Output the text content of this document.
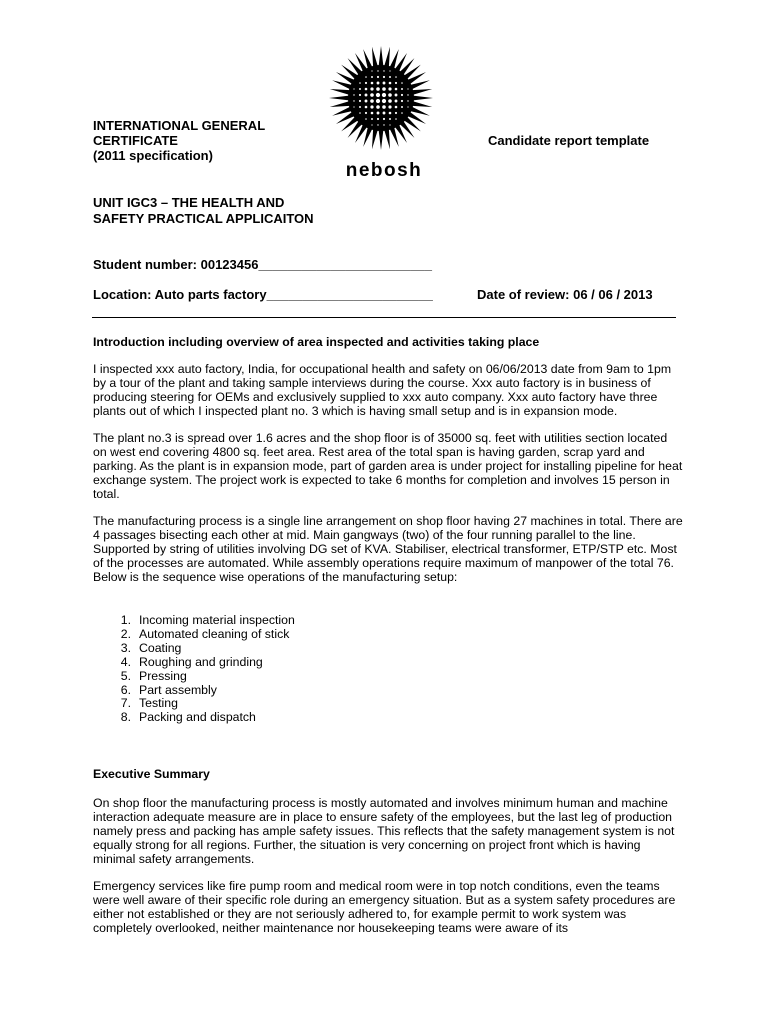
INTERNATIONAL GENERAL
CERTIFICATE
(2011 specification)
nebosh
Candidate report template
UNIT IGC3 – THE HEALTH AND
SAFETY PRACTICAL APPLICAITON
Student number: 00123456________________________
Location: Auto parts factory_______________________	Date of review: 06 / 06 / 2013
Introduction including overview of area inspected and activities taking place

I inspected xxx auto factory, India, for occupational health and safety on 06/06/2013 date from 9am to 1pm by a tour of the plant and taking sample interviews during the course. Xxx auto factory is in business of producing steering for OEMs and exclusively supplied to xxx auto company. Xxx auto factory have three plants out of which I inspected plant no. 3 which is having small setup and is in expansion mode.

The plant no.3 is spread over 1.6 acres and the shop floor is of 35000 sq. feet with utilities section located on west end covering 4800 sq. feet area. Rest area of the total span is having garden, scrap yard and parking. As the plant is in expansion mode, part of garden area is under project for installing pipeline for heat exchange system. The project work is expected to take 6 months for completion and involves 15 person in total.

The manufacturing process is a single line arrangement on shop floor having 27 machines in total. There are 4 passages bisecting each other at mid. Main gangways (two) of the four running parallel to the line. Supported by string of utilities involving DG set of KVA. Stabiliser, electrical transformer, ETP/STP etc. Most of the processes are automated. While assembly operations require maximum of manpower of the total 76. Below is the sequence wise operations of the manufacturing setup:

1. Incoming material inspection
2. Automated cleaning of stick
3. Coating
4. Roughing and grinding
5. Pressing
6. Part assembly
7. Testing
8. Packing and dispatch
Executive Summary

On shop floor the manufacturing process is mostly automated and involves minimum human and machine interaction adequate measure are in place to ensure safety of the employees, but the last leg of production namely press and packing has ample safety issues. This reflects that the safety management system is not equally strong for all regions. Further, the situation is very concerning on project front which is having minimal safety arrangements.

Emergency services like fire pump room and medical room were in top notch conditions, even the teams were well aware of their specific role during an emergency situation. But as a system safety procedures are either not established or they are not seriously adhered to, for example permit to work system was completely overlooked, neither maintenance nor housekeeping teams were aware of its
